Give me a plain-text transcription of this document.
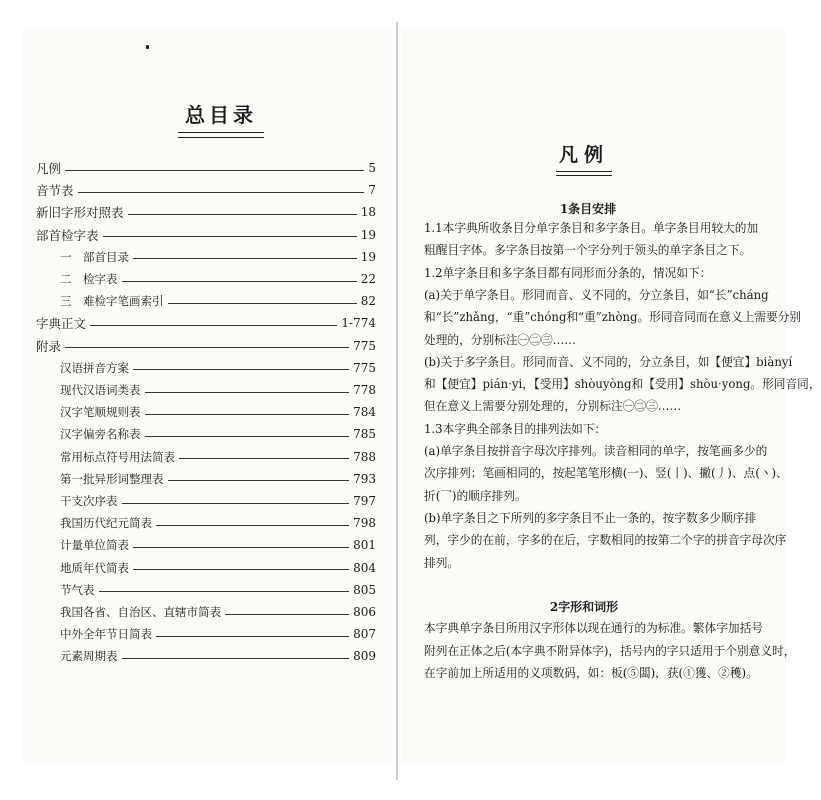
总目录
凡例	5
音节表	7
新旧字形对照表	18
部首检字表	19
一　部首目录	19
二　检字表	22
三　难检字笔画索引	82
字典正文	1-774
附录	775
汉语拼音方案	775
现代汉语词类表	778
汉字笔顺规则表	784
汉字偏旁名称表	785
常用标点符号用法简表	788
第一批异形词整理表	793
干支次序表	797
我国历代纪元简表	798
计量单位简表	801
地质年代简表	804
节气表	805
我国各省、自治区、直辖市简表	806
中外全年节日简表	807
元素周期表	809
凡例
1条目安排
1.1本字典所收条目分单字条目和多字条目。单字条目用较大的加
粗醒目字体。多字条目按第一个字分列于领头的单字条目之下。
1.2单字条目和多字条目都有同形而分条的，情况如下：
(a)关于单字条目。形同而音、义不同的，分立条目，如“长”cháng
和“长”zhǎng，“重”chóng和“重”zhòng。形同音同而在意义上需要分别
处理的，分别标注㊀㊁㊂……
(b)关于多字条目。形同而音、义不同的，分立条目，如【便宜】biànyí
和【便宜】pián·yi，【受用】shòuyòng和【受用】shòu·yong。形同音同，
但在意义上需要分别处理的，分别标注㊀㊁㊂……
1.3本字典全部条目的排列法如下：
(a)单字条目按拼音字母次序排列。读音相同的单字，按笔画多少的
次序排列；笔画相同的，按起笔笔形横(一)、竖(丨)、撇(丿)、点(丶)、
折(乛)的顺序排列。
(b)单字条目之下所列的多字条目不止一条的，按字数多少顺序排
列，字少的在前，字多的在后，字数相同的按第二个字的拼音字母次序
排列。
2字形和词形
本字典单字条目所用汉字形体以现在通行的为标准。繁体字加括号
附列在正体之后(本字典不附异体字)，括号内的字只适用于个别意义时，
在字前加上所适用的义项数码，如：板(⑤闆)，获(①獲、②穫)。
